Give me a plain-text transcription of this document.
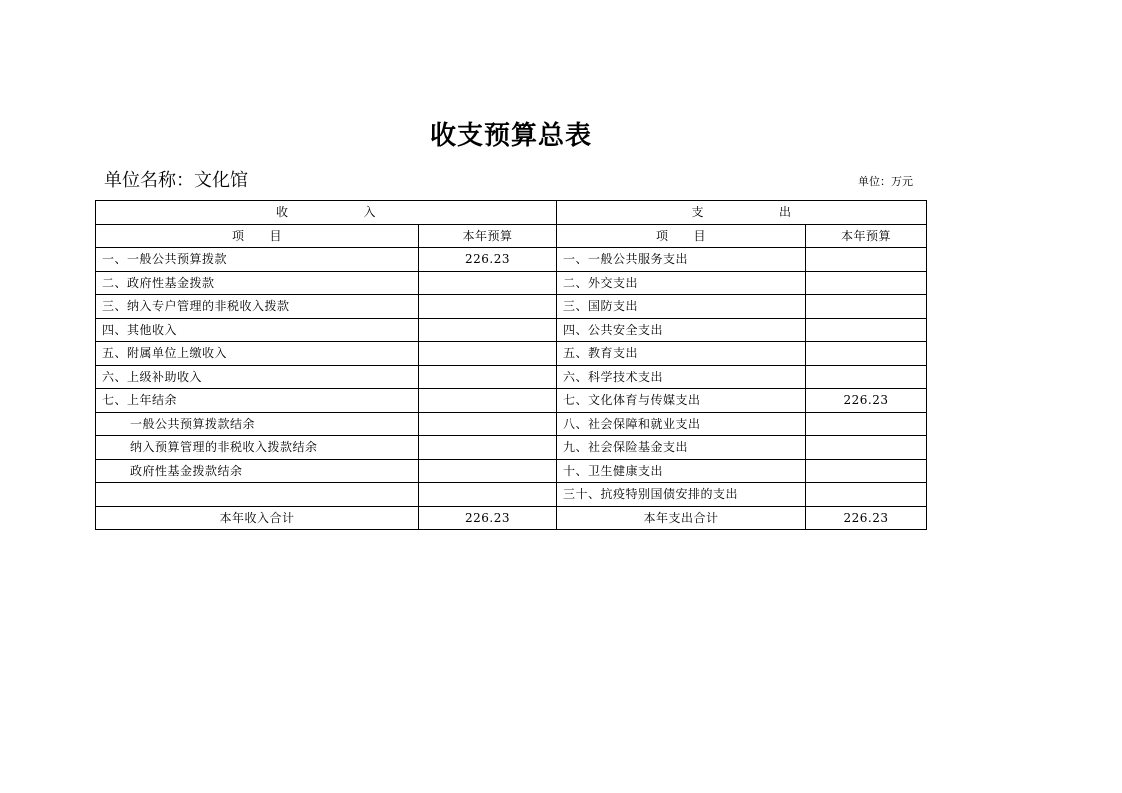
收支预算总表
单位名称：文化馆	单位：万元
收　　　　　　入		支　　　　　　出	
项　　目	本年预算	项　　目	本年预算
一、一般公共预算拨款	226.23	一、一般公共服务支出	
二、政府性基金拨款		二、外交支出	
三、纳入专户管理的非税收入拨款		三、国防支出	
四、其他收入		四、公共安全支出	
五、附属单位上缴收入		五、教育支出	
六、上级补助收入		六、科学技术支出	
七、上年结余		七、文化体育与传媒支出	226.23
一般公共预算拨款结余		八、社会保障和就业支出	
纳入预算管理的非税收入拨款结余		九、社会保险基金支出	
政府性基金拨款结余		十、卫生健康支出	
		三十、抗疫特别国债安排的支出	
本年收入合计	226.23	本年支出合计	226.23
